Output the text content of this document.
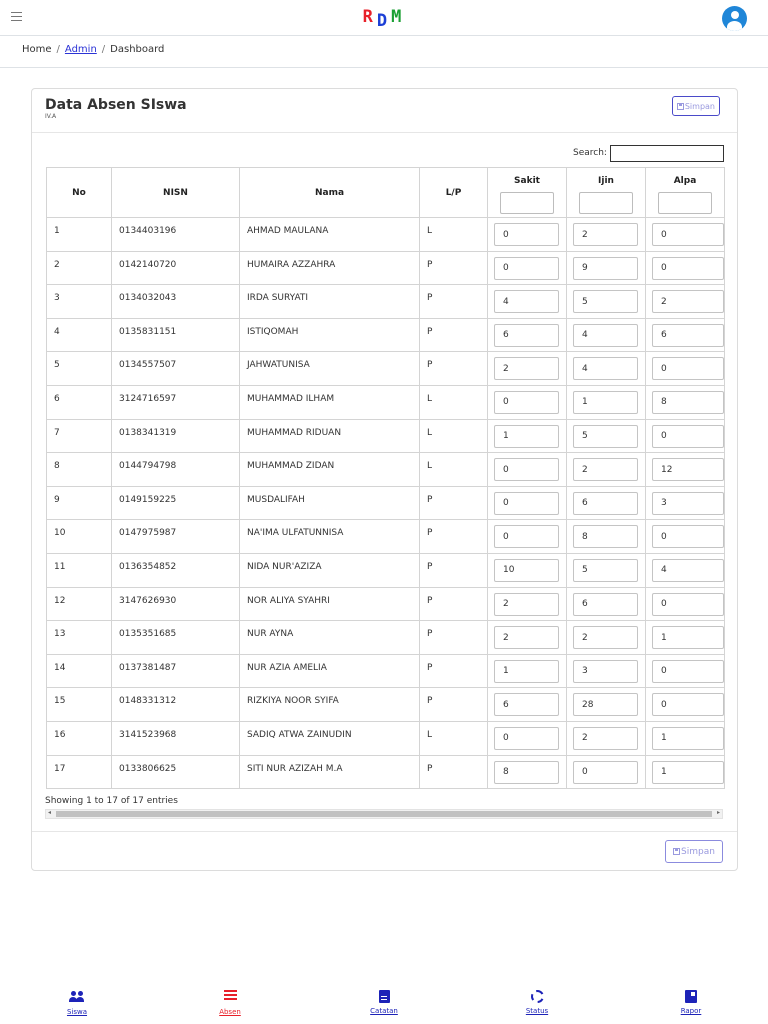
RDM
Home / Admin / Dashboard
Data Absen SIswa
IV.A
Simpan
Search:
No	NISN	Nama	L/P	Sakit	Ijin	Alpa

1	0134403196	AHMAD MAULANA	L	0	2	0
2	0142140720	HUMAIRA AZZAHRA	P	0	9	0
3	0134032043	IRDA SURYATI	P	4	5	2
4	0135831151	ISTIQOMAH	P	6	4	6
5	0134557507	JAHWATUNISA	P	2	4	0
6	3124716597	MUHAMMAD ILHAM	L	0	1	8
7	0138341319	MUHAMMAD RIDUAN	L	1	5	0
8	0144794798	MUHAMMAD ZIDAN	L	0	2	12
9	0149159225	MUSDALIFAH	P	0	6	3
10	0147975987	NA'IMA ULFATUNNISA	P	0	8	0
11	0136354852	NIDA NUR'AZIZA	P	10	5	4
12	3147626930	NOR ALIYA SYAHRI	P	2	6	0
13	0135351685	NUR AYNA	P	2	2	1
14	0137381487	NUR AZIA AMELIA	P	1	3	0
15	0148331312	RIZKIYA NOOR SYIFA	P	6	28	0
16	3141523968	SADIQ ATWA ZAINUDIN	L	0	2	1
17	0133806625	SITI NUR AZIZAH M.A	P	8	0	1
Showing 1 to 17 of 17 entries
◂	▸
Simpan
Siswa	Absen	Catatan	Status	Rapor
